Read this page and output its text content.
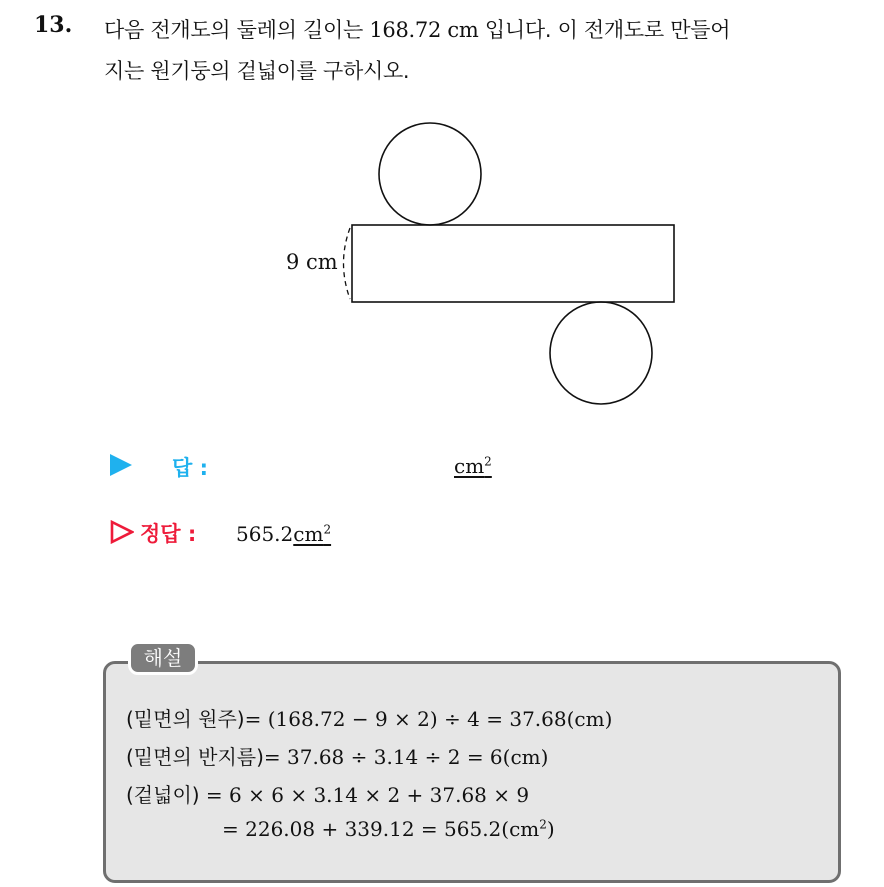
13. 다음 전개도의 둘레의 길이는 168.72 cm 입니다. 이 전개도로 만들어
지는 원기둥의 겉넓이를 구하시오.
9 cm
답 :	$cm^2$
정답 : $565.2cm^2$
해설
(밑면의 원주)= (168.72 − 9 × 2) ÷ 4 = 37.68(cm)
(밑면의 반지름)= 37.68 ÷ 3.14 ÷ 2 = 6(cm)
(겉넓이) = 6 × 6 × 3.14 × 2 + 37.68 × 9
= $226.08 + 339.12 = 565.2(cm^2)$
